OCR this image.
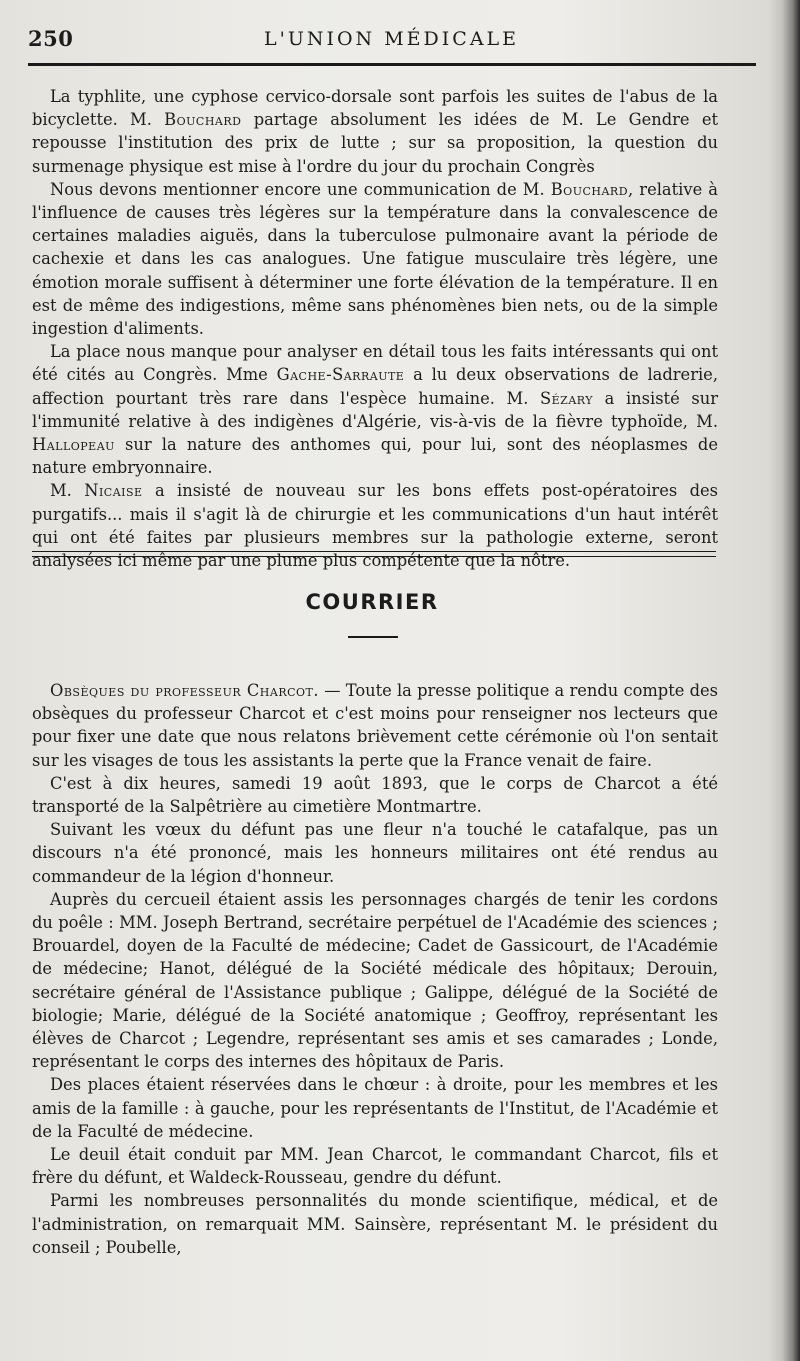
250	L'UNION MÉDICALE

La typhlite, une cyphose cervico-dorsale sont parfois les suites de l'abus de la bicyclette. M. Bouchard partage absolument les idées de M. Le Gendre et repousse l'institution des prix de lutte ; sur sa proposition, la question du surmenage physique est mise à l'ordre du jour du prochain Congrès

Nous devons mentionner encore une communication de M. Bouchard, relative à l'influence de causes très légères sur la température dans la convalescence de certaines maladies aiguës, dans la tuberculose pulmonaire avant la période de cachexie et dans les cas analogues. Une fatigue musculaire très légère, une émotion morale suffisent à déterminer une forte élévation de la température. Il en est de même des indigestions, même sans phénomènes bien nets, ou de la simple ingestion d'aliments.

La place nous manque pour analyser en détail tous les faits intéressants qui ont été cités au Congrès. Mme Gache-Sarraute a lu deux observations de ladrerie, affection pourtant très rare dans l'espèce humaine. M. Sézary a insisté sur l'immunité relative à des indigènes d'Algérie, vis-à-vis de la fièvre typhoïde, M. Hallopeau sur la nature des anthomes qui, pour lui, sont des néoplasmes de nature embryonnaire.

M. Nicaise a insisté de nouveau sur les bons effets post-opératoires des purgatifs... mais il s'agit là de chirurgie et les communications d'un haut intérêt qui ont été faites par plusieurs membres sur la pathologie externe, seront analysées ici même par une plume plus compétente que la nôtre.

COURRIER

Obsèques du professeur Charcot. — Toute la presse politique a rendu compte des obsèques du professeur Charcot et c'est moins pour renseigner nos lecteurs que pour fixer une date que nous relatons brièvement cette cérémonie où l'on sentait sur les visages de tous les assistants la perte que la France venait de faire.

C'est à dix heures, samedi 19 août 1893, que le corps de Charcot a été transporté de la Salpêtrière au cimetière Montmartre.

Suivant les vœux du défunt pas une fleur n'a touché le catafalque, pas un discours n'a été prononcé, mais les honneurs militaires ont été rendus au commandeur de la légion d'honneur.

Auprès du cercueil étaient assis les personnages chargés de tenir les cordons du poêle : MM. Joseph Bertrand, secrétaire perpétuel de l'Académie des sciences ; Brouardel, doyen de la Faculté de médecine; Cadet de Gassicourt, de l'Académie de médecine; Hanot, délégué de la Société médicale des hôpitaux; Derouin, secrétaire général de l'Assistance publique ; Galippe, délégué de la Société de biologie; Marie, délégué de la Société anatomique ; Geoffroy, représentant les élèves de Charcot ; Legendre, représentant ses amis et ses camarades ; Londe, représentant le corps des internes des hôpitaux de Paris.

Des places étaient réservées dans le chœur : à droite, pour les membres et les amis de la famille : à gauche, pour les représentants de l'Institut, de l'Académie et de la Faculté de médecine.

Le deuil était conduit par MM. Jean Charcot, le commandant Charcot, fils et frère du défunt, et Waldeck-Rousseau, gendre du défunt.

Parmi les nombreuses personnalités du monde scientifique, médical, et de l'administration, on remarquait MM. Sainsère, représentant M. le président du conseil ; Poubelle,
